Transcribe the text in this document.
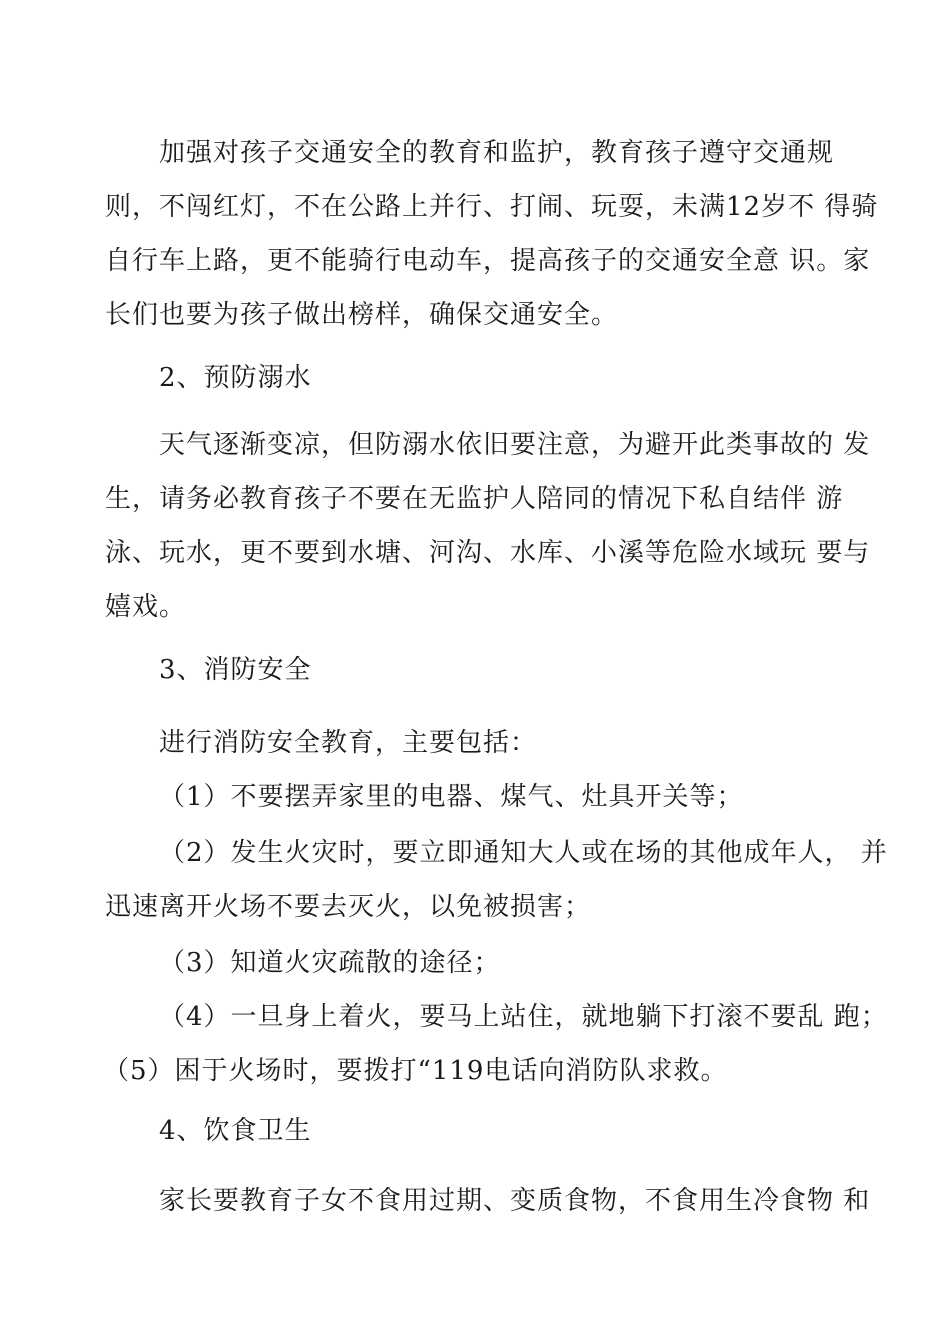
加强对孩子交通安全的教育和监护，教育孩子遵守交通规
则，不闯红灯，不在公路上并行、打闹、玩耍，未满12岁不 得骑
自行车上路，更不能骑行电动车，提高孩子的交通安全意 识。家
长们也要为孩子做出榜样，确保交通安全。
2、预防溺水
天气逐渐变凉，但防溺水依旧要注意，为避开此类事故的 发
生，请务必教育孩子不要在无监护人陪同的情况下私自结伴 游
泳、玩水，更不要到水塘、河沟、水库、小溪等危险水域玩 要与
嬉戏。
3、消防安全
进行消防安全教育，主要包括：
（1）不要摆弄家里的电器、煤气、灶具开关等；
（2）发生火灾时，要立即通知大人或在场的其他成年人， 并
迅速离开火场不要去灭火，以免被损害；
（3）知道火灾疏散的途径；
（4）一旦身上着火，要马上站住，就地躺下打滚不要乱 跑；
（5）困于火场时，要拨打“119电话向消防队求救。
4、饮食卫生
家长要教育子女不食用过期、变质食物，不食用生冷食物 和
